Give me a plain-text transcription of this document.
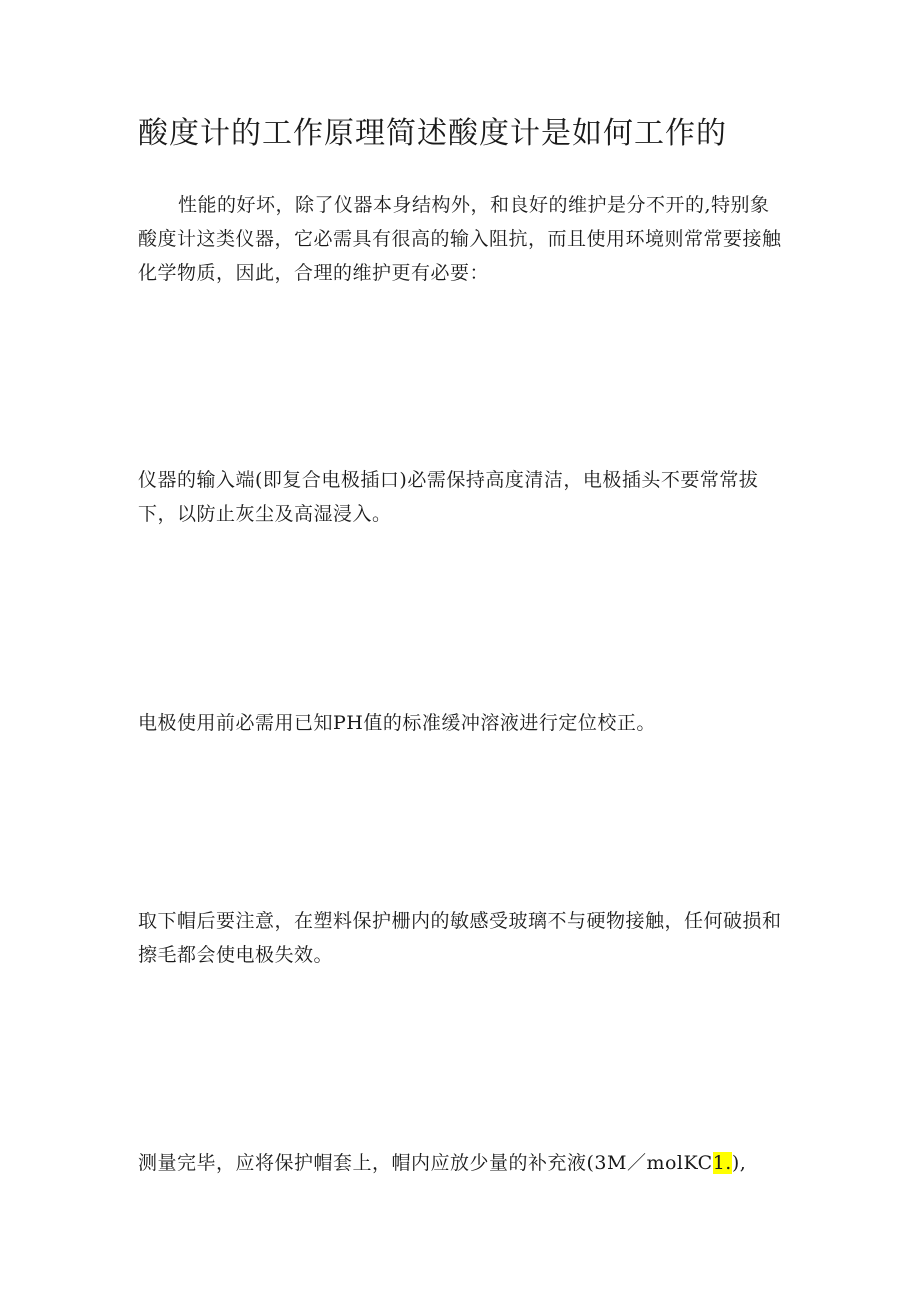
酸度计的工作原理简述酸度计是如何工作的

性能的好坏，除了仪器本身结构外，和良好的维护是分不开的,特别象酸度计这类仪器，它必需具有很高的输入阻抗，而且使用环境则常常要接触化学物质，因此，合理的维护更有必要：

仪器的输入端(即复合电极插口)必需保持高度清洁，电极插头不要常常拔下，以防止灰尘及高湿浸入。

电极使用前必需用已知PH值的标准缓冲溶液进行定位校正。

取下帽后要注意，在塑料保护栅内的敏感受玻璃不与硬物接触，任何破损和擦毛都会使电极失效。

测量完毕，应将保护帽套上，帽内应放少量的补充液(3M／molKC1.),
